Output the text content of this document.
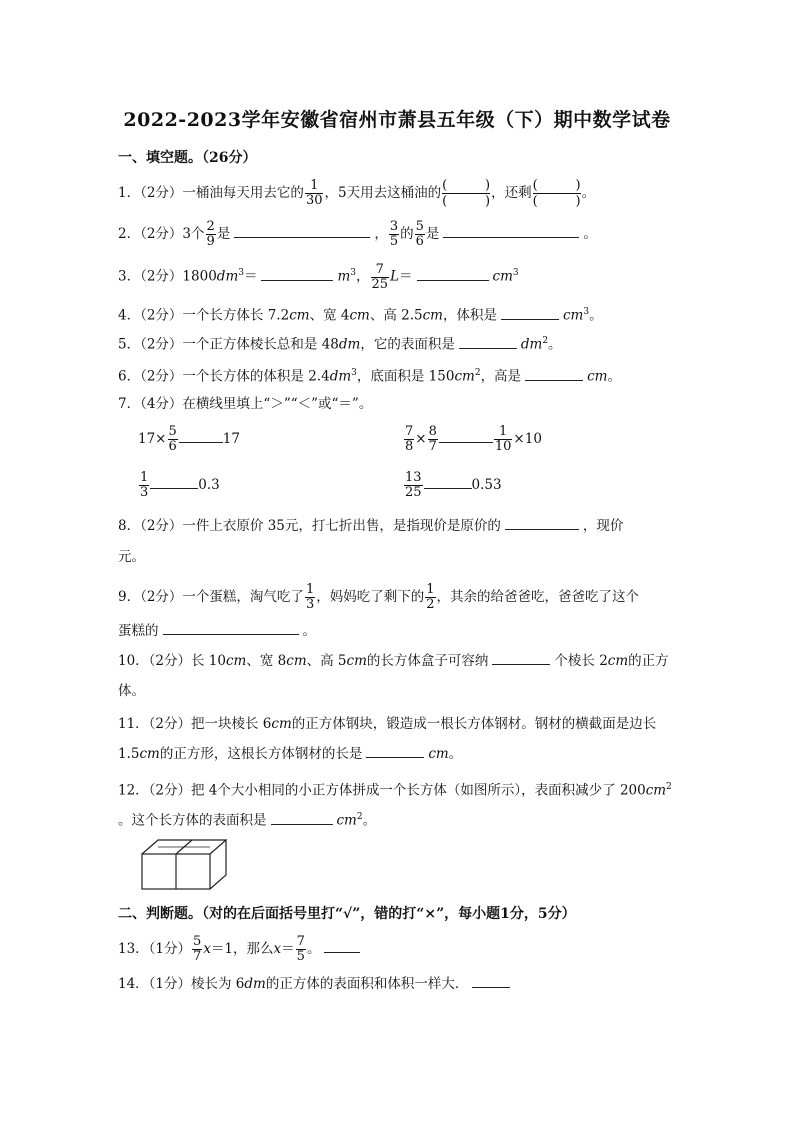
2022-2023学年安徽省宿州市萧县五年级（下）期中数学试卷
一、填空题。（26分）
1．（2分）一桶油每天用去它的 $\frac{1}{30}$ ，5天用去这桶油的 (	)
(	) ，还剩 (	)
(	) 。
2．（2分）3个 $\frac{2}{9}$ 是	， $\frac{3}{5}$ 的 $\frac{5}{6}$ 是	。
3．（2分）$1800dm^3=$	$m^3$， $\frac{7}{25} L=$	$cm^3$
4．（2分）一个长方体长 7.2cm、宽 4cm、高 2.5cm，体积是	$cm^3$。
5．（2分）一个正方体棱长总和是 48dm，它的表面积是	$dm^2$。
6．（2分）一个长方体的体积是 $2.4dm^3$，底面积是 $150cm^2$，高是	cm。
7．（4分）在横线里填上“＞”“＜”或“＝”。
$17\times \frac{5}{6}$	17	$\frac{7}{8} \times \frac{8}{7}$	$\frac{1}{10} \times 10$
$\frac{1}{3}$	0.3	$\frac{13}{25}$	0.53
8．（2分）一件上衣原价 35元，打七折出售，是指现价是原价的	，现价
元。
9．（2分）一个蛋糕，淘气吃了 $\frac{1}{3}$ ，妈妈吃了剩下的 $\frac{1}{2}$ ，其余的给爸爸吃，爸爸吃了这个
蛋糕的	。
10．（2分）长 10cm、宽 8cm、高 5cm的长方体盒子可容纳	个棱长 2cm的正方
体。
11．（2分）把一块棱长 6cm的正方体钢块，锻造成一根长方体钢材。钢材的横截面是边长
1.5cm的正方形，这根长方体钢材的长是	cm。
12．（2分）把 4个大小相同的小正方体拼成一个长方体（如图所示），表面积减少了 $200cm^2$
。这个长方体的表面积是	$cm^2$。
二、判断题。（对的在后面括号里打“√”，错的打“×”，每小题1分，5分）
13．（1分） $\frac{5}{7} x=1$，那么$x= \frac{7}{5}$ 。
14．（1分）棱长为 6dm的正方体的表面积和体积一样大．
